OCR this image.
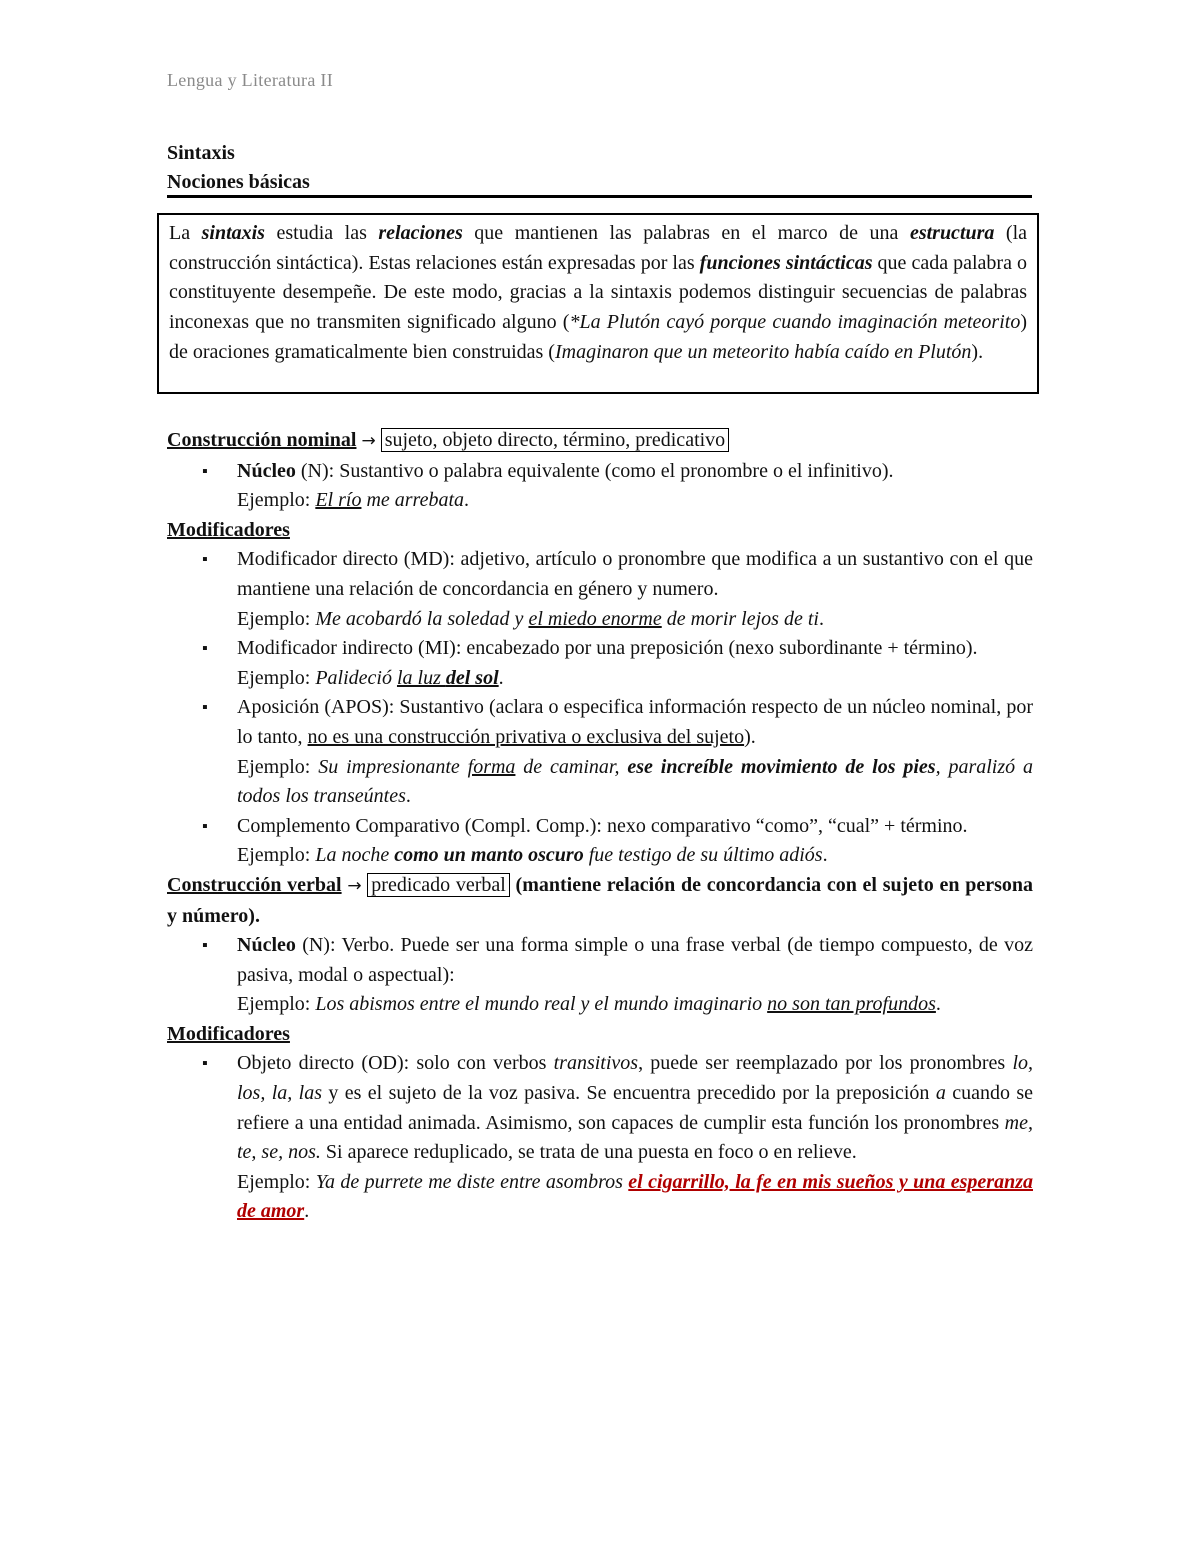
Lengua y Literatura II
Sintaxis
Nociones básicas
La sintaxis estudia las relaciones que mantienen las palabras en el marco de una estructura (la construcción sintáctica). Estas relaciones están expresadas por las funciones sintácticas que cada palabra o constituyente desempeñe. De este modo, gracias a la sintaxis podemos distinguir secuencias de palabras inconexas que no transmiten significado alguno (*La Plutón cayó porque cuando imaginación meteorito) de oraciones gramaticalmente bien construidas (Imaginaron que un meteorito había caído en Plutón).

Construcción nominal → sujeto, objeto directo, término, predicativo

▪ Núcleo (N): Sustantivo o palabra equivalente (como el pronombre o el infinitivo).
Ejemplo: El río me arrebata.

Modificadores

▪ Modificador directo (MD): adjetivo, artículo o pronombre que modifica a un sustantivo con el que mantiene una relación de concordancia en género y numero.
Ejemplo: Me acobardó la soledad y el miedo enorme de morir lejos de ti.
▪ Modificador indirecto (MI): encabezado por una preposición (nexo subordinante + término).
Ejemplo: Palideció la luz del sol.
▪ Aposición (APOS): Sustantivo (aclara o especifica información respecto de un núcleo nominal, por lo tanto, no es una construcción privativa o exclusiva del sujeto).
Ejemplo: Su impresionante forma de caminar, ese increíble movimiento de los pies, paralizó a todos los transeúntes.
▪ Complemento Comparativo (Compl. Comp.): nexo comparativo “como”, “cual” + término.
Ejemplo: La noche como un manto oscuro fue testigo de su último adiós.

Construcción verbal → predicado verbal (mantiene relación de concordancia con el sujeto en persona y número).

▪ Núcleo (N): Verbo. Puede ser una forma simple o una frase verbal (de tiempo compuesto, de voz pasiva, modal o aspectual):
Ejemplo: Los abismos entre el mundo real y el mundo imaginario no son tan profundos.

Modificadores

▪ Objeto directo (OD): solo con verbos transitivos, puede ser reemplazado por los pronombres lo, los, la, las y es el sujeto de la voz pasiva. Se encuentra precedido por la preposición a cuando se refiere a una entidad animada. Asimismo, son capaces de cumplir esta función los pronombres me, te, se, nos. Si aparece reduplicado, se trata de una puesta en foco o en relieve.
Ejemplo: Ya de purrete me diste entre asombros el cigarrillo, la fe en mis sueños y una esperanza de amor.
